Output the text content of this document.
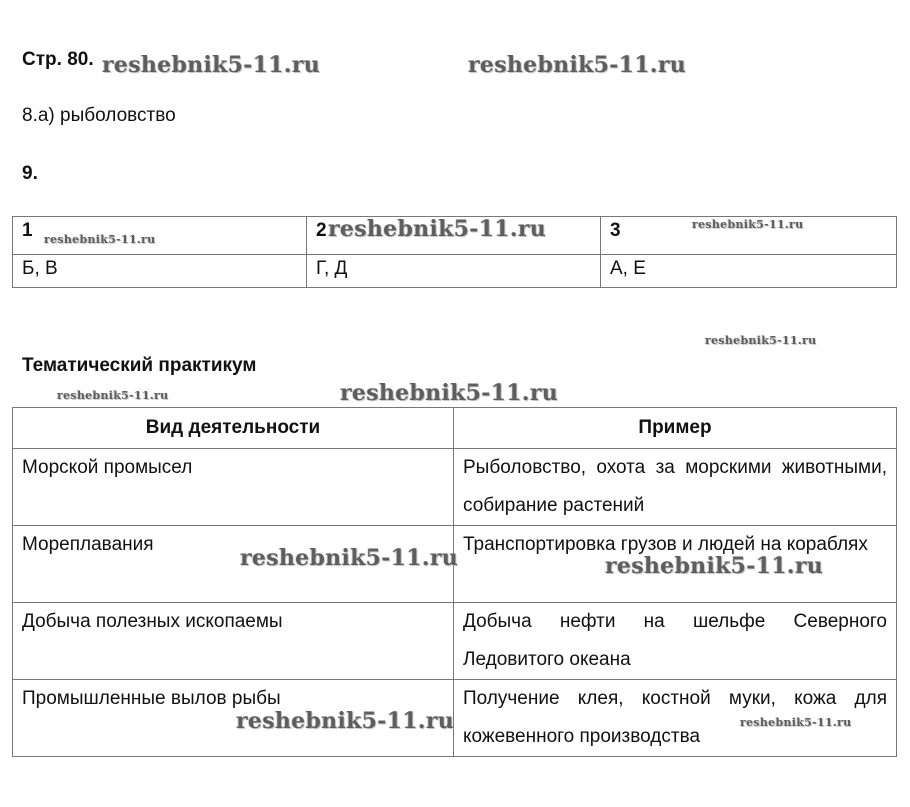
Стр. 80.
8.а) рыболовство
9.
1	2	3
Б, В	Г, Д	А, Е
Тематический практикум
Вид деятельности	Пример
Морской промысел	Рыболовство, охота за морскими животными, собирание растений
Мореплавания	Транспортировка грузов и людей на кораблях
Добыча полезных ископаемы	Добыча нефти на шельфе Северного Ледовитого океана
Промышленные вылов рыбы	Получение клея, костной муки, кожа для кожевенного производства
reshebnik5-11.ru	reshebnik5-11.ru
reshebnik5-11.ru	reshebnik5-11.ru	reshebnik5-11.ru
reshebnik5-11.ru
reshebnik5-11.ru	reshebnik5-11.ru
reshebnik5-11.ru	reshebnik5-11.ru
reshebnik5-11.ru	reshebnik5-11.ru
